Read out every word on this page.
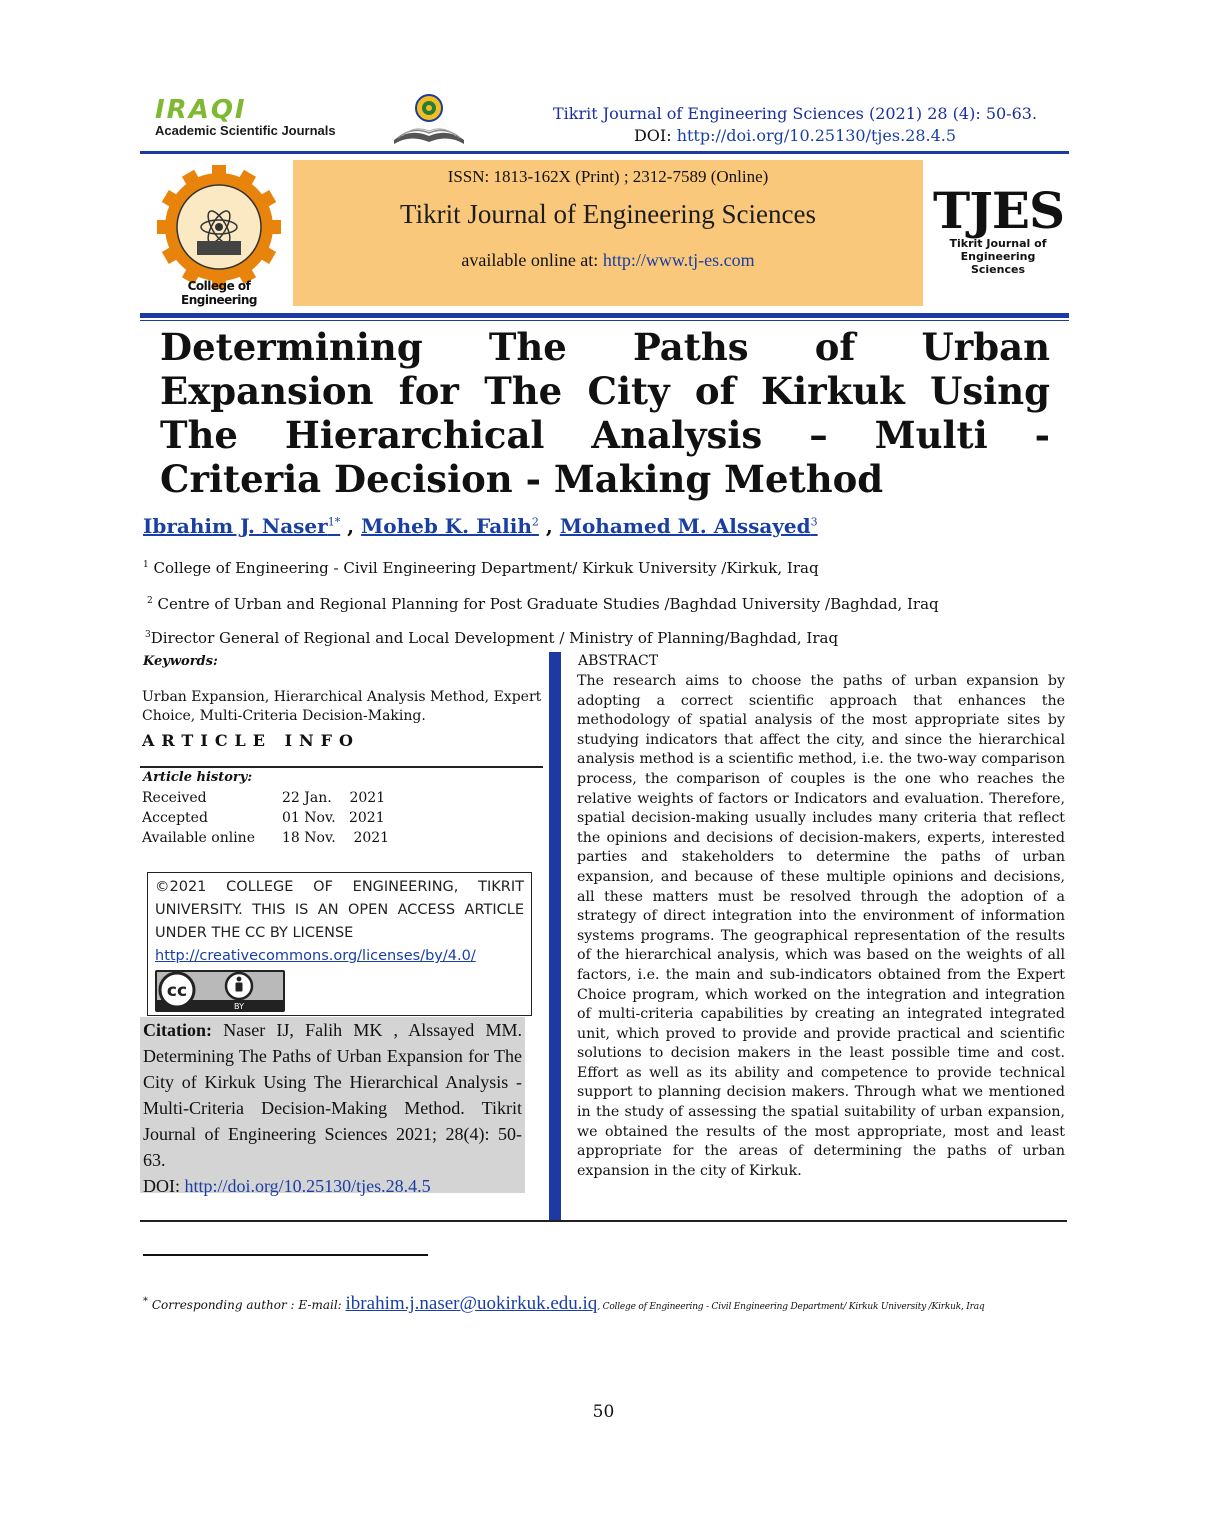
IRAQI
Academic Scientific Journals
Tikrit Journal of Engineering Sciences (2021) 28 (4): 50-63.
DOI: http://doi.org/10.25130/tjes.28.4.5
College of Engineering
ISSN: 1813-162X (Print) ; 2312-7589 (Online)
Tikrit Journal of Engineering Sciences
available online at: http://www.tj-es.com
TJES
Tikrit Journal of
Engineering Sciences
Determining The Paths of Urban Expansion for The City of Kirkuk Using The Hierarchical Analysis – Multi - Criteria Decision - Making Method
Ibrahim J. Naser$^{1*}$ , Moheb K. Falih$^2$ , Mohamed M. Alssayed$^3$
$^1$ College of Engineering - Civil Engineering Department/ Kirkuk University /Kirkuk, Iraq
$^2$ Centre of Urban and Regional Planning for Post Graduate Studies /Baghdad University /Baghdad, Iraq
$^3$Director General of Regional and Local Development / Ministry of Planning/Baghdad, Iraq
Keywords:
Urban Expansion, Hierarchical Analysis Method, Expert Choice, Multi-Criteria Decision-Making.
ARTICLE INFO
Article history:
Received	22 Jan.    2021
Accepted	01 Nov.   2021
Available online	18 Nov.    2021
©2021 COLLEGE OF ENGINEERING, TIKRIT UNIVERSITY. THIS IS AN OPEN ACCESS ARTICLE UNDER THE CC BY LICENSE
http://creativecommons.org/licenses/by/4.0/
cc
BY
Citation: Naser IJ, Falih MK , Alssayed MM. Determining The Paths of Urban Expansion for The City of Kirkuk Using The Hierarchical Analysis - Multi-Criteria Decision-Making Method. Tikrit Journal of Engineering Sciences 2021; 28(4): 50- 63.
DOI: http://doi.org/10.25130/tjes.28.4.5
ABSTRACT

The research aims to choose the paths of urban expansion by adopting a correct scientific approach that enhances the methodology of spatial analysis of the most appropriate sites by studying indicators that affect the city, and since the hierarchical analysis method is a scientific method, i.e. the two-way comparison process, the comparison of couples is the one who reaches the relative weights of factors or Indicators and evaluation. Therefore, spatial decision-making usually includes many criteria that reflect the opinions and decisions of decision-makers, experts, interested parties and stakeholders to determine the paths of urban expansion, and because of these multiple opinions and decisions, all these matters must be resolved through the adoption of a strategy of direct integration into the environment of information systems programs. The geographical representation of the results of the hierarchical analysis, which was based on the weights of all factors, i.e. the main and sub-indicators obtained from the Expert Choice program, which worked on the integration and integration of multi-criteria capabilities by creating an integrated integrated unit, which proved to provide and provide practical and scientific solutions to decision makers in the least possible time and cost. Effort as well as its ability and competence to provide technical support to planning decision makers. Through what we mentioned in the study of assessing the spatial suitability of urban expansion, we obtained the results of the most appropriate, most and least appropriate for the areas of determining the paths of urban expansion in the city of Kirkuk.

* Corresponding author : E-mail: ibrahim.j.naser@uokirkuk.edu.iq, College of Engineering - Civil Engineering Department/ Kirkuk University /Kirkuk, Iraq
50
